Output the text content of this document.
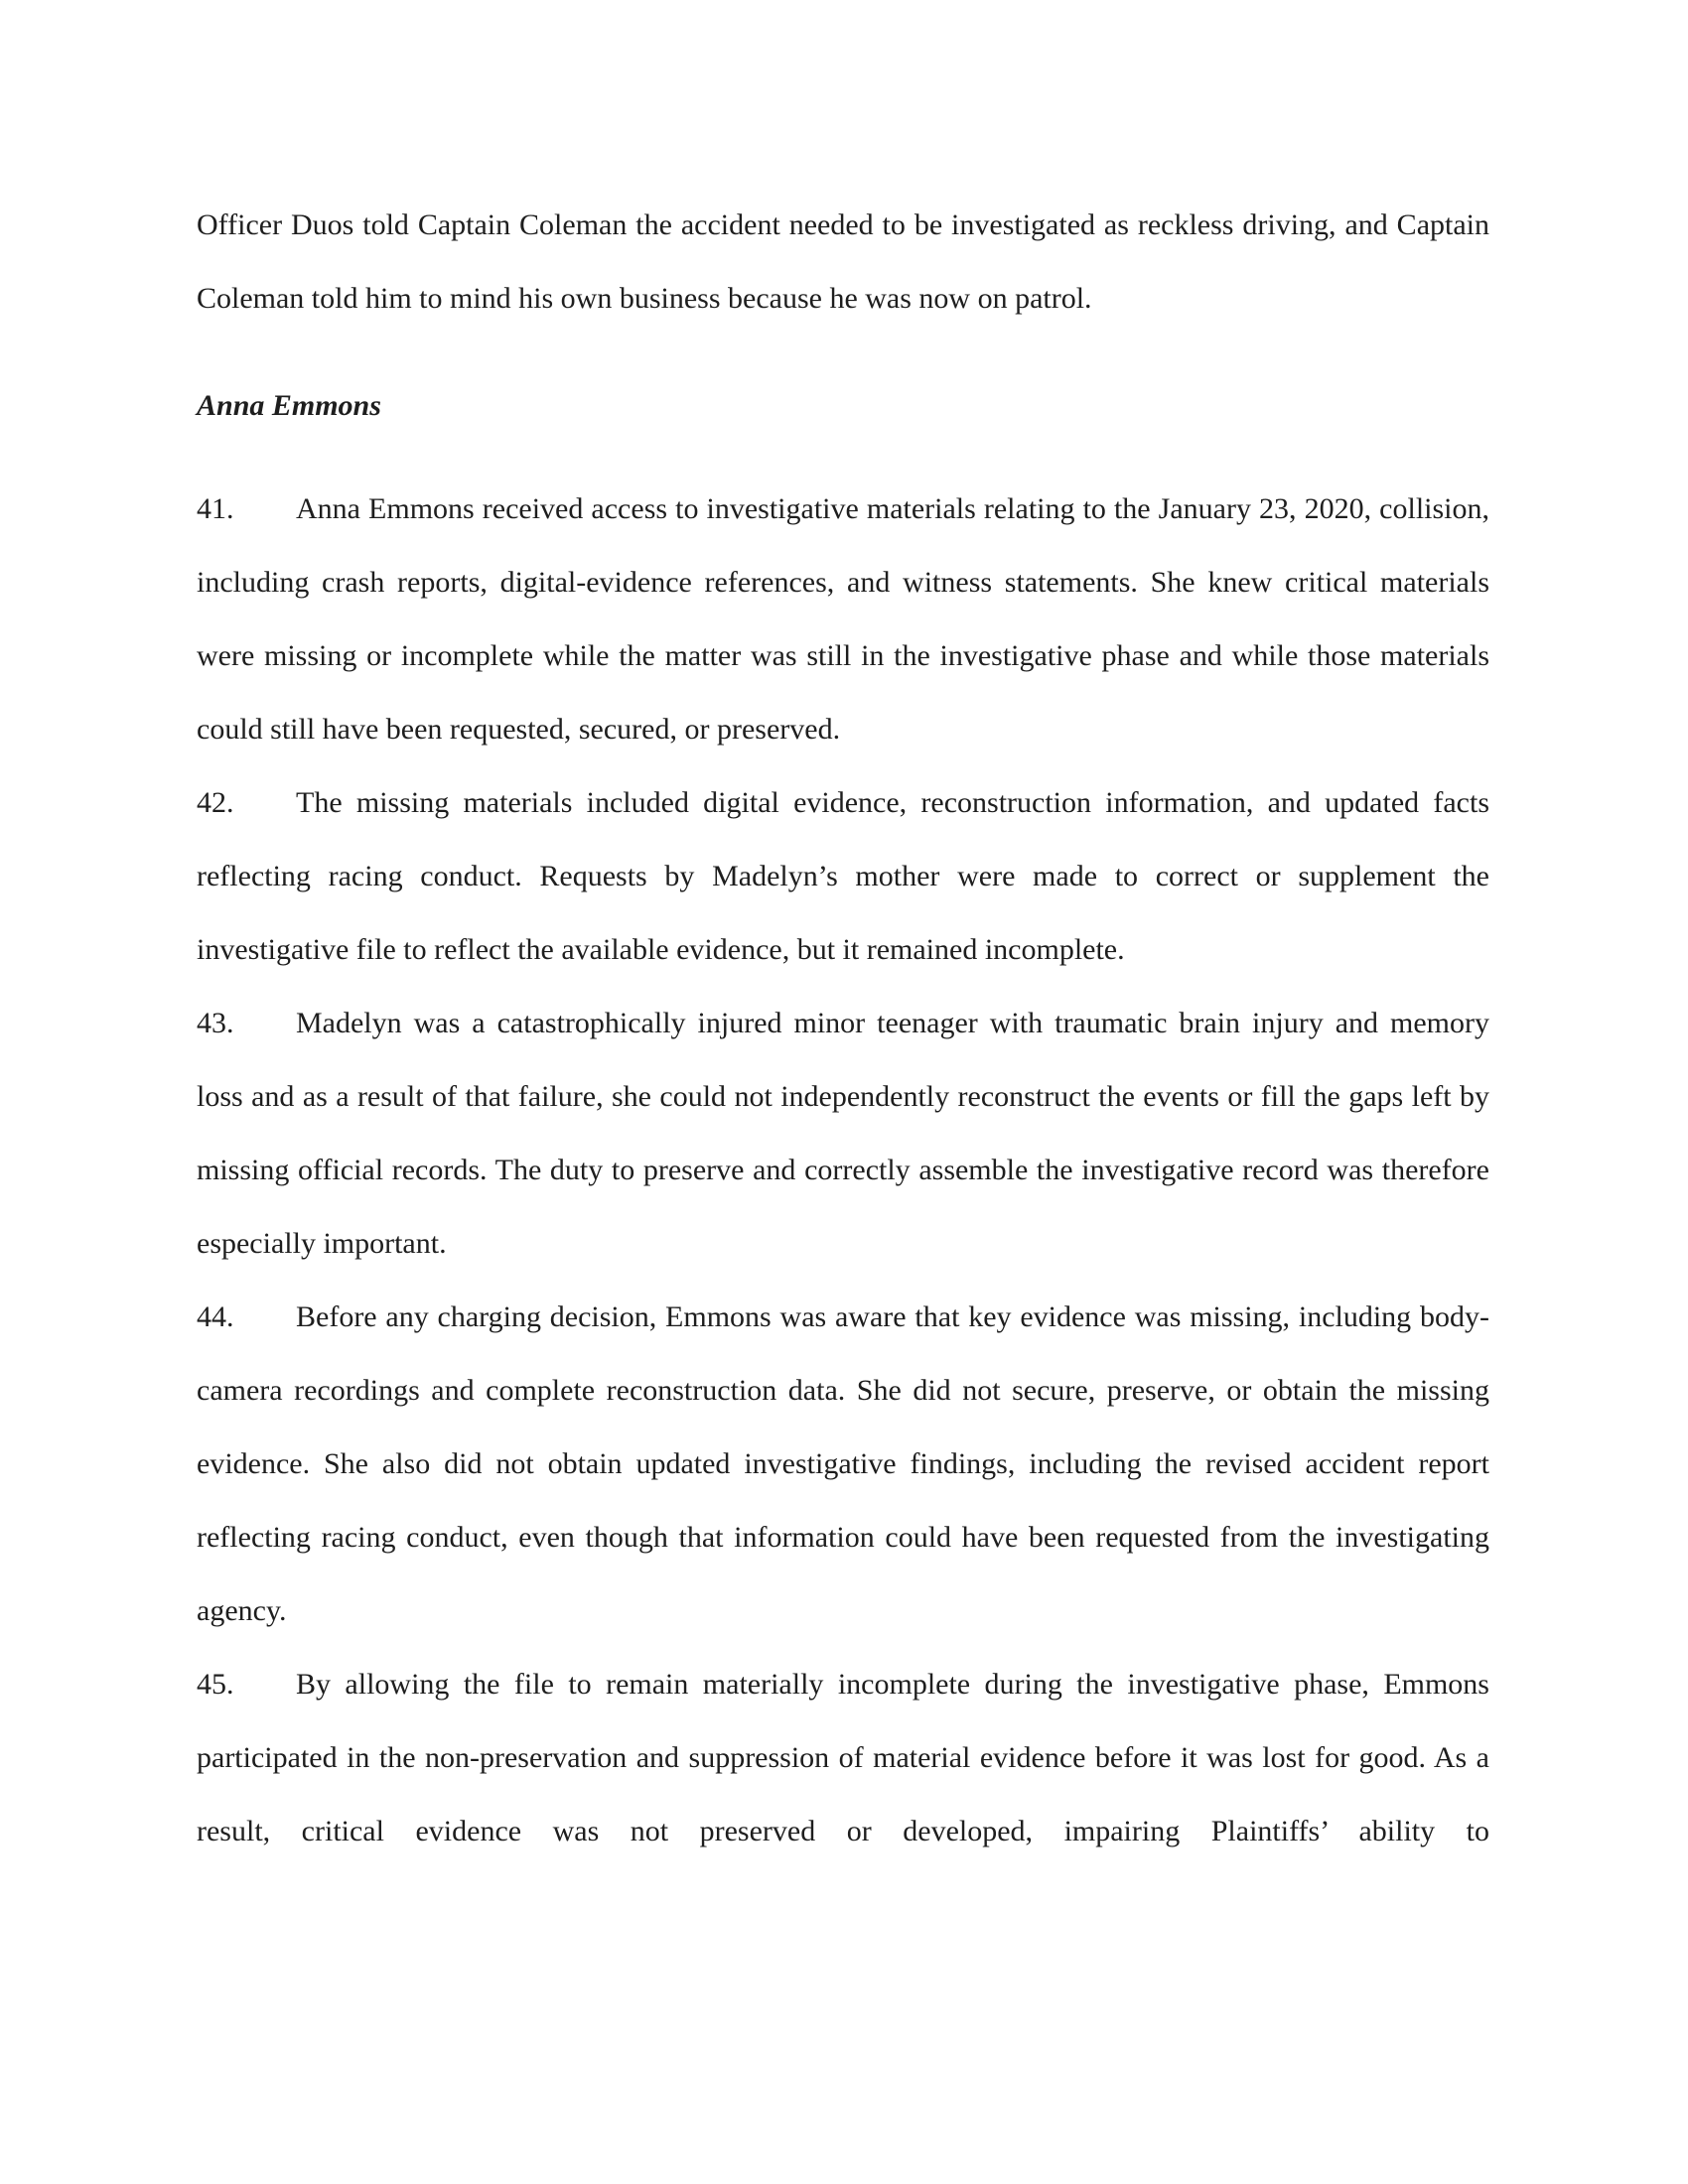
Officer Duos told Captain Coleman the accident needed to be investigated as reckless driving, and Captain Coleman told him to mind his own business because he was now on patrol.

Anna Emmons

41. Anna Emmons received access to investigative materials relating to the January 23, 2020, collision, including crash reports, digital-evidence references, and witness statements. She knew critical materials were missing or incomplete while the matter was still in the investigative phase and while those materials could still have been requested, secured, or preserved.

42. The missing materials included digital evidence, reconstruction information, and updated facts reflecting racing conduct. Requests by Madelyn’s mother were made to correct or supplement the investigative file to reflect the available evidence, but it remained incomplete.

43. Madelyn was a catastrophically injured minor teenager with traumatic brain injury and memory loss and as a result of that failure, she could not independently reconstruct the events or fill the gaps left by missing official records. The duty to preserve and correctly assemble the investigative record was therefore especially important.

44. Before any charging decision, Emmons was aware that key evidence was missing, including body-camera recordings and complete reconstruction data. She did not secure, preserve, or obtain the missing evidence. She also did not obtain updated investigative findings, including the revised accident report reflecting racing conduct, even though that information could have been requested from the investigating agency.

45. By allowing the file to remain materially incomplete during the investigative phase, Emmons participated in the non-preservation and suppression of material evidence before it was lost for good. As a result, critical evidence was not preserved or developed, impairing Plaintiffs’ ability to
